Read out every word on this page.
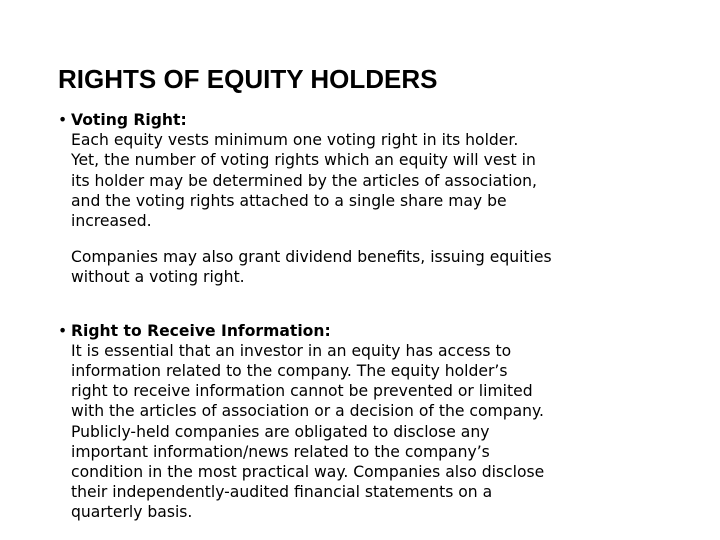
RIGHTS OF EQUITY HOLDERS
• Voting Right:

Each equity vests minimum one voting right in its holder.
Yet, the number of voting rights which an equity will vest in
its holder may be determined by the articles of association,
and the voting rights attached to a single share may be
increased.

Companies may also grant dividend benefits, issuing equities
without a voting right.

• Right to Receive Information:

It is essential that an investor in an equity has access to
information related to the company. The equity holder’s
right to receive information cannot be prevented or limited
with the articles of association or a decision of the company.
Publicly-held companies are obligated to disclose any
important information/news related to the company’s
condition in the most practical way. Companies also disclose
their independently-audited financial statements on a
quarterly basis.
